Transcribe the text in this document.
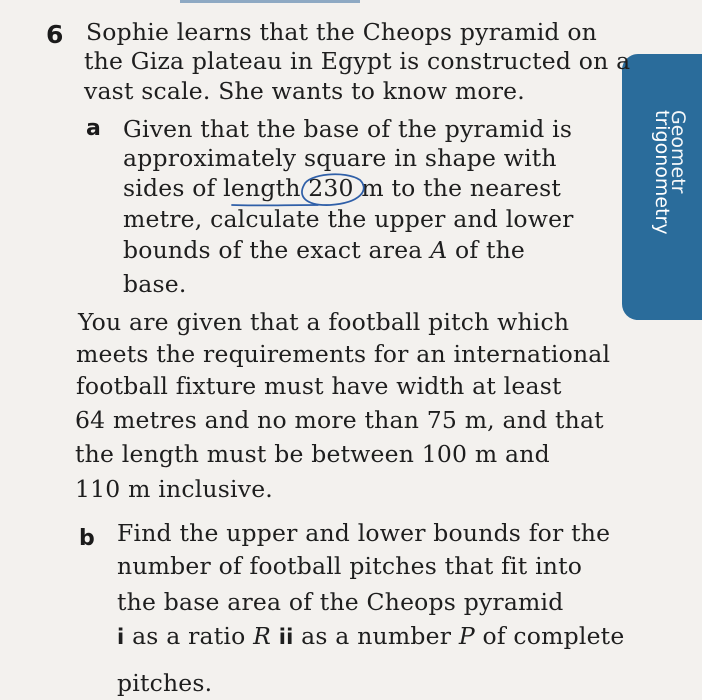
Geometr
trigonometry
6 Sophie learns that the Cheops pyramid on
the Giza plateau in Egypt is constructed on a
vast scale. She wants to know more.
a Given that the base of the pyramid is
approximately square in shape with
sides of length 230 m to the nearest
metre, calculate the upper and lower
bounds of the exact area A of the
base.
You are given that a football pitch which
meets the requirements for an international
football fixture must have width at least
64 metres and no more than 75 m, and that
the length must be between 100 m and
110 m inclusive.
b Find the upper and lower bounds for the
number of football pitches that fit into
the base area of the Cheops pyramid
i as a ratio R ii as a number P of complete
pitches.
